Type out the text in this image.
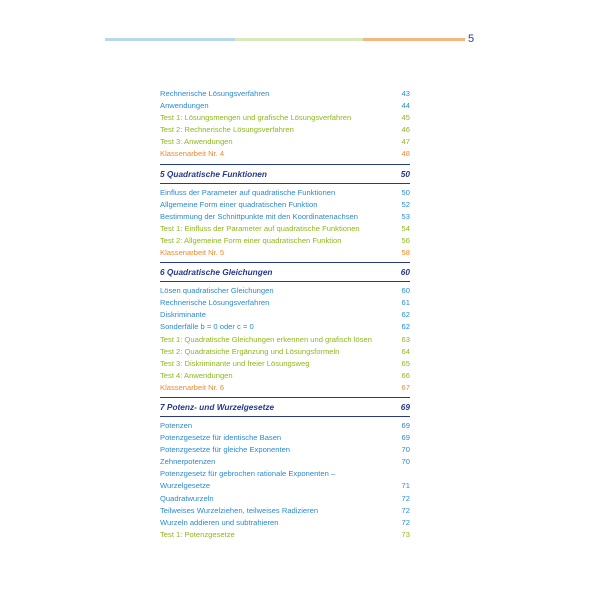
5
Rechnerische Lösungsverfahren	43
Anwendungen	44
Test 1: Lösungsmengen und grafische Lösungsverfahren	45
Test 2: Rechnerische Lösungsverfahren	46
Test 3: Anwendungen	47
Klassenarbeit Nr. 4	48
5 Quadratische Funktionen	50
Einfluss der Parameter auf quadratische Funktionen	50
Allgemeine Form einer quadratischen Funktion	52
Bestimmung der Schnittpunkte mit den Koordinatenachsen	53
Test 1: Einfluss der Parameter auf quadratische Funktionen	54
Test 2: Allgemeine Form einer quadratischen Funktion	56
Klassenarbeit Nr. 5	58
6 Quadratische Gleichungen	60
Lösen quadratischer Gleichungen	60
Rechnerische Lösungsverfahren	61
Diskriminante	62
Sonderfälle b = 0 oder c = 0	62
Test 1: Quadratische Gleichungen erkennen und grafisch lösen	63
Test 2: Quadratsiche Ergänzung und Lösungsformeln	64
Test 3: Diskriminante und freier Lösungsweg	65
Test 4: Anwendungen	66
Klassenarbeit Nr. 6	67
7 Potenz- und Wurzelgesetze	69
Potenzen	69
Potenzgesetze für identische Basen	69
Potenzgesetze für gleiche Exponenten	70
Zehnerpotenzen	70
Potenzgesetz für gebrochen rationale Exponenten –
Wurzelgesetze	71
Quadratwurzeln	72
Teilweises Wurzelziehen, teilweises Radizieren	72
Wurzeln addieren und subtrahieren	72
Test 1: Potenzgesetze	73
